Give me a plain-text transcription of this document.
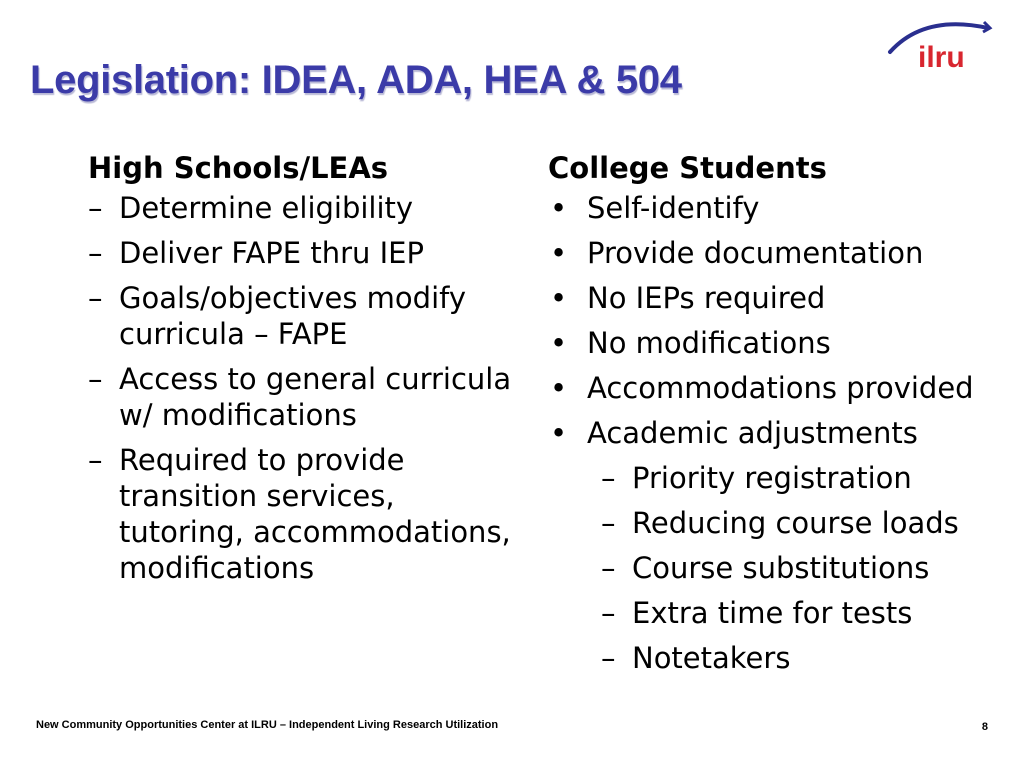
Legislation: IDEA, ADA, HEA & 504
ilru
High Schools/LEAs
– Determine eligibility
– Deliver FAPE thru IEP
– Goals/objectives modify curricula – FAPE
– Access to general curricula w/ modifications
– Required to provide transition services, tutoring, accommodations, modifications
College Students
• Self-identify
• Provide documentation
• No IEPs required
• No modifications
• Accommodations provided
• Academic adjustments
– Priority registration
– Reducing course loads
– Course substitutions
– Extra time for tests
– Notetakers
New Community Opportunities Center at ILRU – Independent Living Research Utilization	8
